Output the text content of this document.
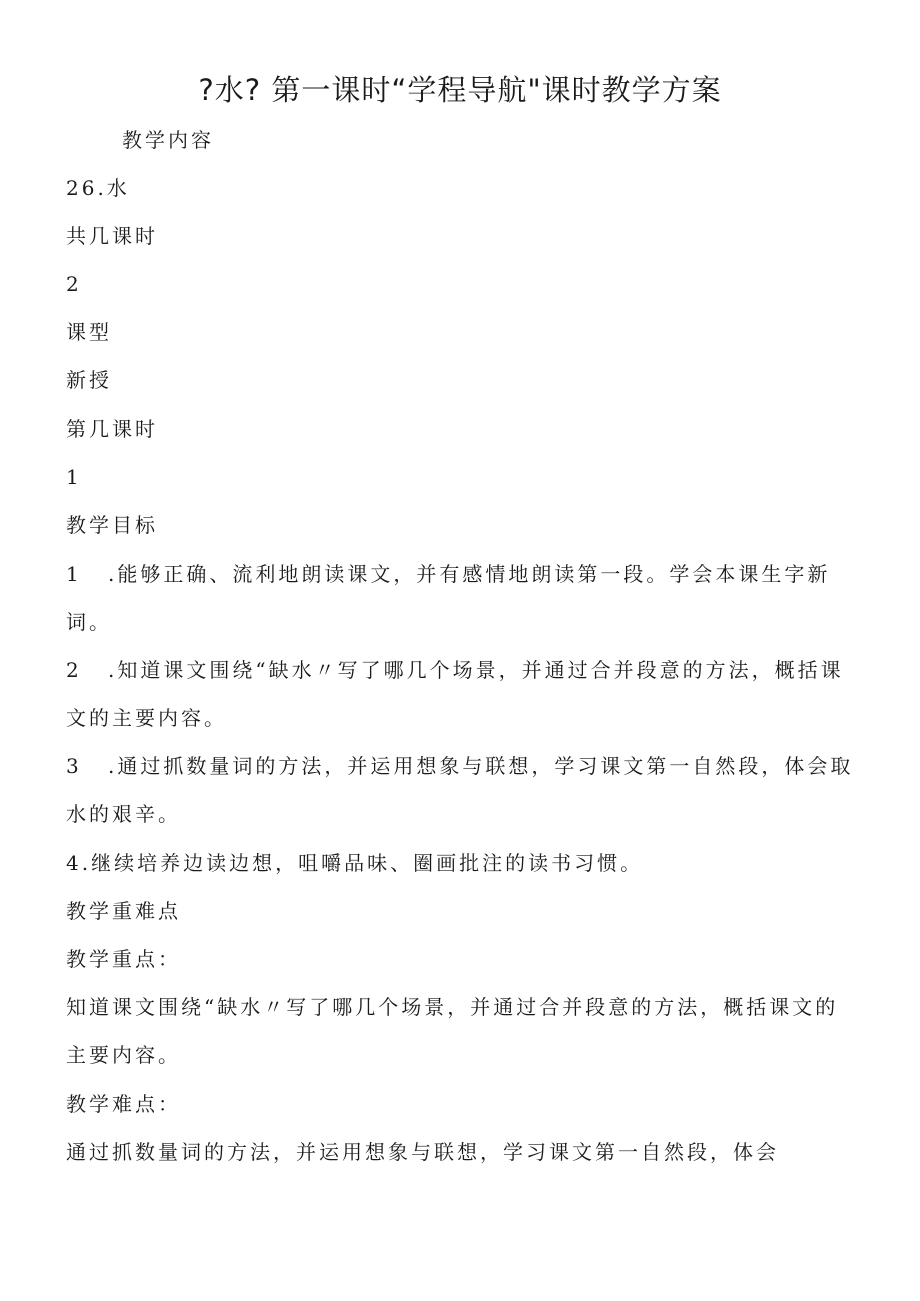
?水? 第一课时“学程导航"课时教学方案
教学内容
26.水
共几课时
2
课型
新授
第几课时
1
教学目标
1 .能够正确、流利地朗读课文，并有感情地朗读第一段。学会本课生字新
词。
2 .知道课文围绕“缺水〃写了哪几个场景，并通过合并段意的方法，概括课
文的主要内容。
3 .通过抓数量词的方法，并运用想象与联想，学习课文第一自然段，体会取
水的艰辛。
4.继续培养边读边想，咀嚼品味、圈画批注的读书习惯。
教学重难点
教学重点：
知道课文围绕“缺水〃写了哪几个场景，并通过合并段意的方法，概括课文的
主要内容。
教学难点：
通过抓数量词的方法，并运用想象与联想，学习课文第一自然段，体会
